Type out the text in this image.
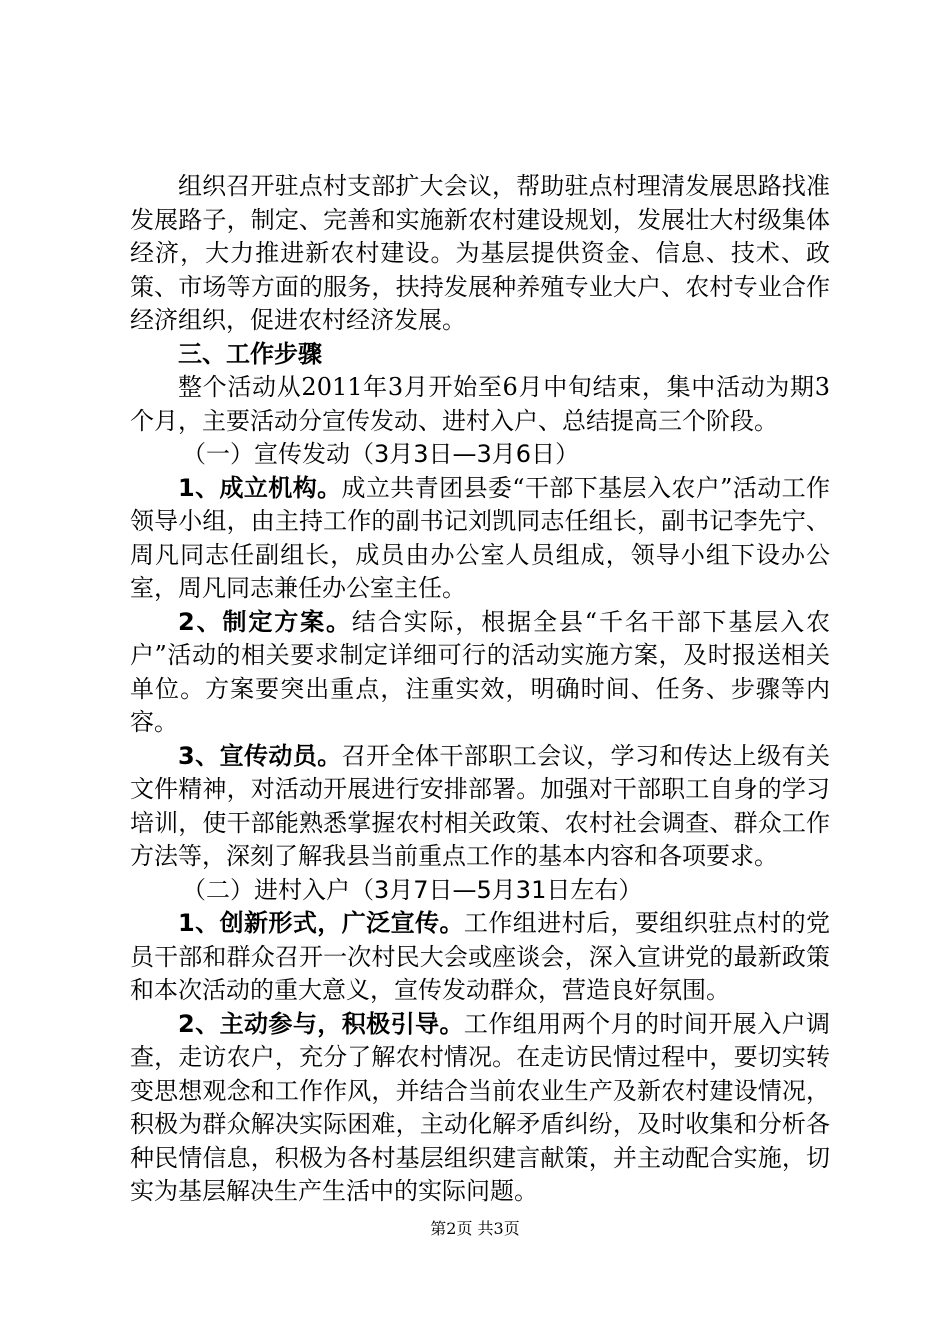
组织召开驻点村支部扩大会议，帮助驻点村理清发展思路找准发展路子，制定、完善和实施新农村建设规划，发展壮大村级集体经济，大力推进新农村建设。为基层提供资金、信息、技术、政策、市场等方面的服务，扶持发展种养殖专业大户、农村专业合作经济组织，促进农村经济发展。

三、工作步骤

整个活动从2011年3月开始至6月中旬结束，集中活动为期3个月，主要活动分宣传发动、进村入户、总结提高三个阶段。

（一）宣传发动（3月3日—3月6日）

1、成立机构。成立共青团县委“干部下基层入农户”活动工作领导小组，由主持工作的副书记刘凯同志任组长，副书记李先宁、周凡同志任副组长，成员由办公室人员组成，领导小组下设办公室，周凡同志兼任办公室主任。

2、制定方案。结合实际，根据全县“千名干部下基层入农户”活动的相关要求制定详细可行的活动实施方案，及时报送相关单位。方案要突出重点，注重实效，明确时间、任务、步骤等内容。

3、宣传动员。召开全体干部职工会议，学习和传达上级有关文件精神，对活动开展进行安排部署。加强对干部职工自身的学习培训，使干部能熟悉掌握农村相关政策、农村社会调查、群众工作方法等，深刻了解我县当前重点工作的基本内容和各项要求。

（二）进村入户（3月7日—5月31日左右）

1、创新形式，广泛宣传。工作组进村后，要组织驻点村的党员干部和群众召开一次村民大会或座谈会，深入宣讲党的最新政策和本次活动的重大意义，宣传发动群众，营造良好氛围。

2、主动参与，积极引导。工作组用两个月的时间开展入户调查，走访农户，充分了解农村情况。在走访民情过程中，要切实转变思想观念和工作作风，并结合当前农业生产及新农村建设情况，积极为群众解决实际困难，主动化解矛盾纠纷，及时收集和分析各种民情信息，积极为各村基层组织建言献策，并主动配合实施，切实为基层解决生产生活中的实际问题。

第2页 共3页
